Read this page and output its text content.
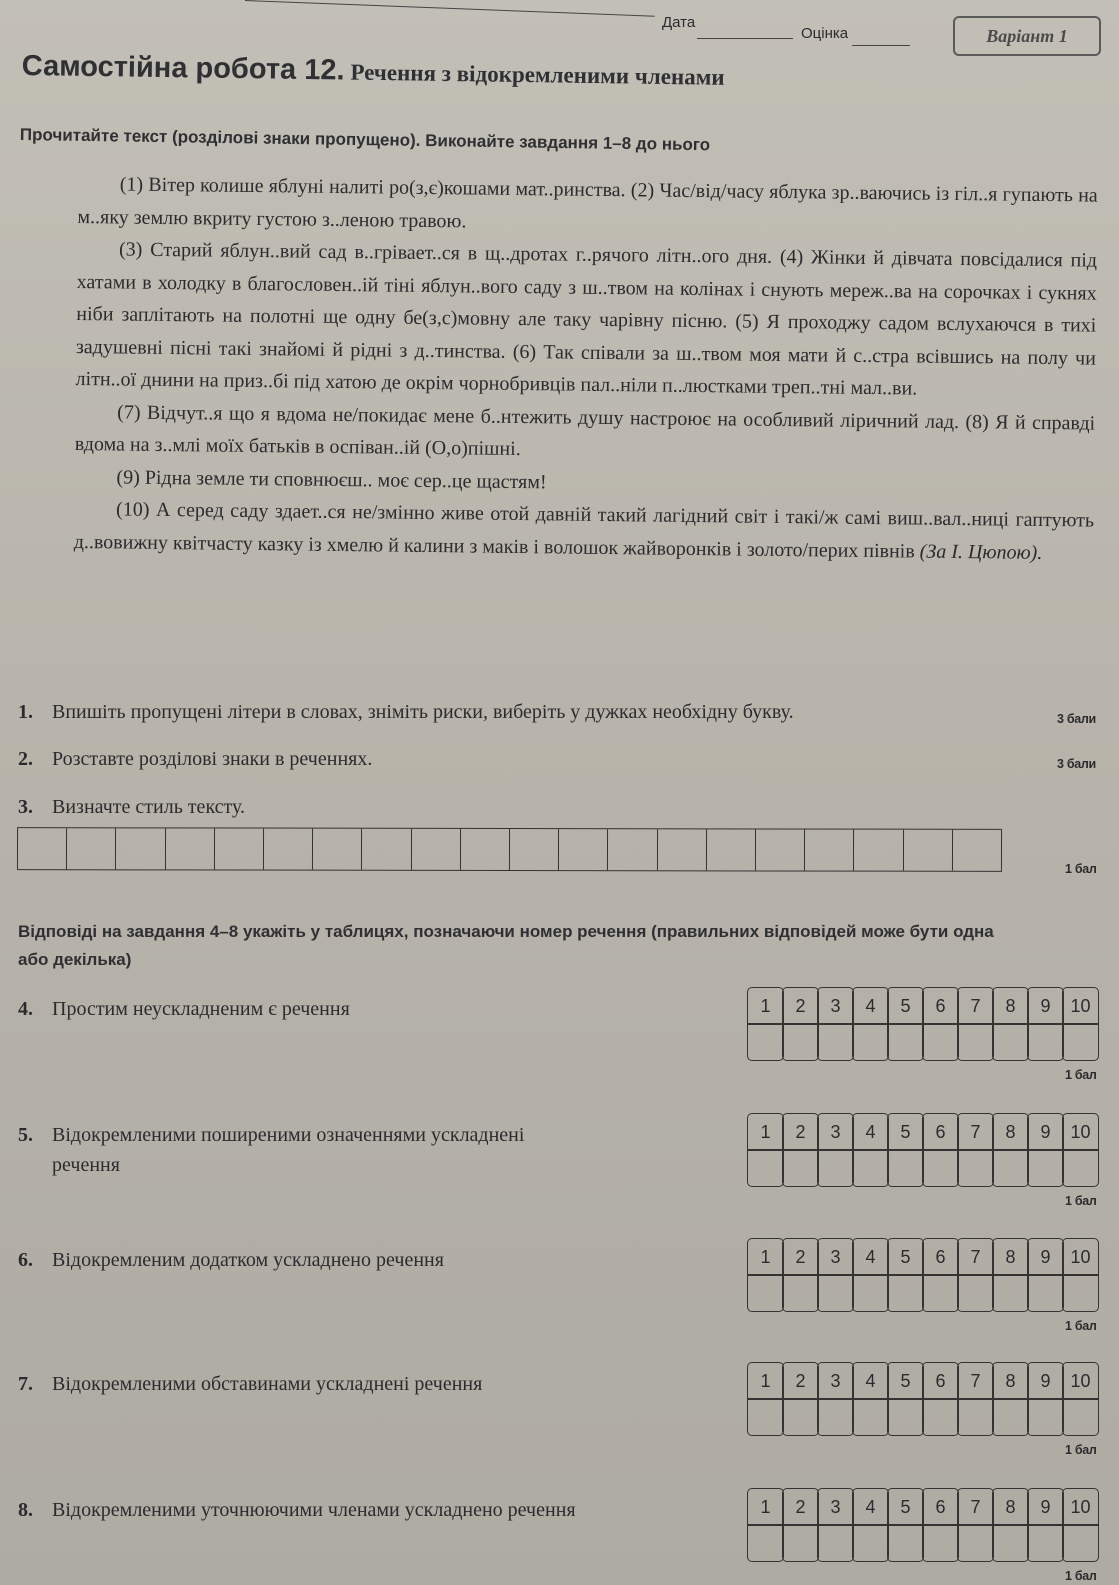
Дата
Оцінка	Варіант 1
Самостійна робота 12. Речення з відокремленими членами
Прочитайте текст (розділові знаки пропущено). Виконайте завдання 1–8 до нього

(1) Вітер колише яблуні налиті ро(з,є)кошами мат..ринства. (2) Час/від/часу яблука зр..ваючись із гіл..я гупають на м..яку землю вкриту густою з..леною травою.

(3) Старий яблун..вий сад в..грівает..ся в щ..дротах г..рячого літн..ого дня. (4) Жінки й дівчата повсідалися під хатами в холодку в благословен..ій тіні яблун..вого саду з ш..твом на колінах і снують мереж..ва на сорочках і сукнях ніби заплітають на полотні ще одну бе(з,с)мовну але таку чарівну пісню. (5) Я проходжу садом вслухаючся в тихі задушевні пісні такі знайомі й рідні з д..тинства. (6) Так співали за ш..твом моя мати й с..стра всівшись на полу чи літн..ої днини на приз..бі під хатою де окрім чорнобривців пал..ніли п..люстками треп..тні мал..ви.

(7) Відчут..я що я вдома не/покидає мене б..нтежить душу настроює на особливий ліричний лад. (8) Я й справді вдома на з..млі моїх батьків в оспіван..ій (О,о)пішні.

(9) Рідна земле ти сповнюєш.. моє сер..це щастям!

(10) А серед саду здает..ся не/змінно живе отой давній такий лагідний світ і такі/ж самі виш..вал..ниці гаптують д..вовижну квітчасту казку із хмелю й калини з маків і волошок жайворонків і золото/перих півнів (За І. Цюпою).

1. Впишіть пропущені літери в словах, зніміть риски, виберіть у дужках необхідну букву.	3 бали
2. Розставте розділові знаки в реченнях.	3 бали
3. Визначте стиль тексту.
1 бал
Відповіді на завдання 4–8 укажіть у таблицях, позначаючи номер речення (правильних відповідей може бути одна або декілька)
4. Простим неускладненим є речення	1	2	3	4	5	6	7	8	9	10
1 бал
5. Відокремленими поширеними означеннями ускладнені
речення
1	2	3	4	5	6	7	8	9	10
1 бал
6. Відокремленим додатком ускладнено речення	1	2	3	4	5	6	7	8	9	10
1 бал
7. Відокремленими обставинами ускладнені речення	1	2	3	4	5	6	7	8	9	10
1 бал
8. Відокремленими уточнюючими членами ускладнено речення	1	2	3	4	5	6	7	8	9	10
1 бал
